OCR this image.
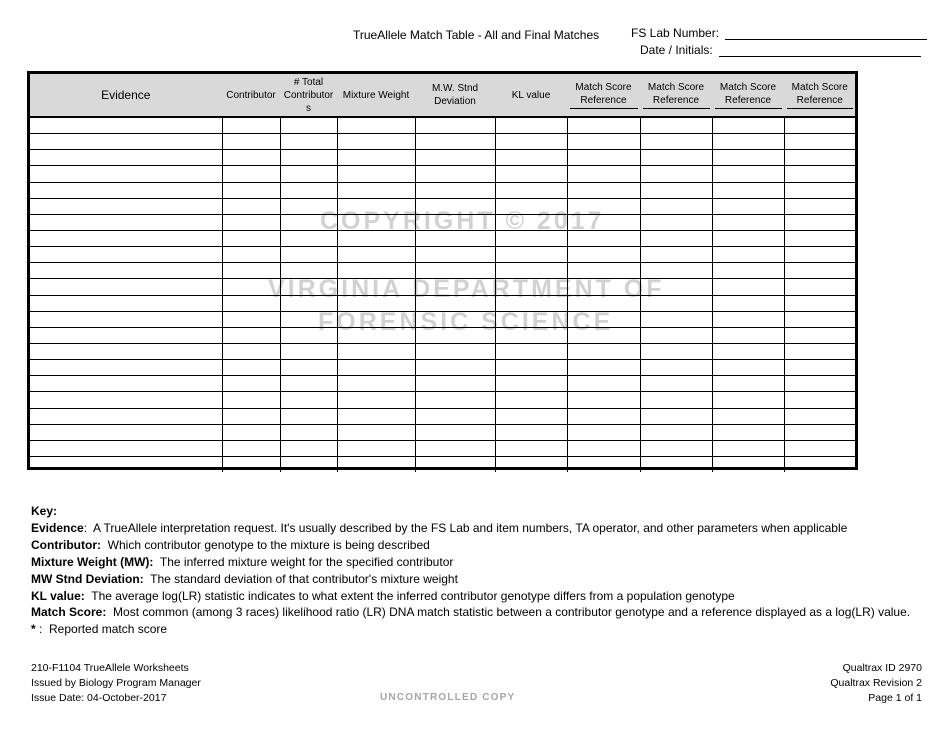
TrueAllele Match Table - All and Final Matches	FS Lab Number:
Date / Initials:
Evidence	Contributor	# Total Contributor s	Mixture Weight	M.W. Stnd Deviation	KL value	Match Score Reference	Match Score Reference	Match Score Reference	Match Score Reference

COPYRIGHT © 2017
VIRGINIA DEPARTMENT OF
FORENSIC SCIENCE
Key:
Evidence:  A TrueAllele interpretation request. It's usually described by the FS Lab and item numbers, TA operator, and other parameters when applicable
Contributor: Which contributor genotype to the mixture is being described
Mixture Weight (MW): The inferred mixture weight for the specified contributor
MW Stnd Deviation: The standard deviation of that contributor's mixture weight
KL value: The average log(LR) statistic indicates to what extent the inferred contributor genotype differs from a population genotype
Match Score: Most common (among 3 races) likelihood ratio (LR) DNA match statistic between a contributor genotype and a reference displayed as a log(LR) value.
* :  Reported match score
210-F1104 TrueAllele Worksheets
Issued by Biology Program Manager
Issue Date: 04-October-2017	UNCONTROLLED COPY
Qualtrax ID 2970
Qualtrax Revision 2
Page 1 of 1
